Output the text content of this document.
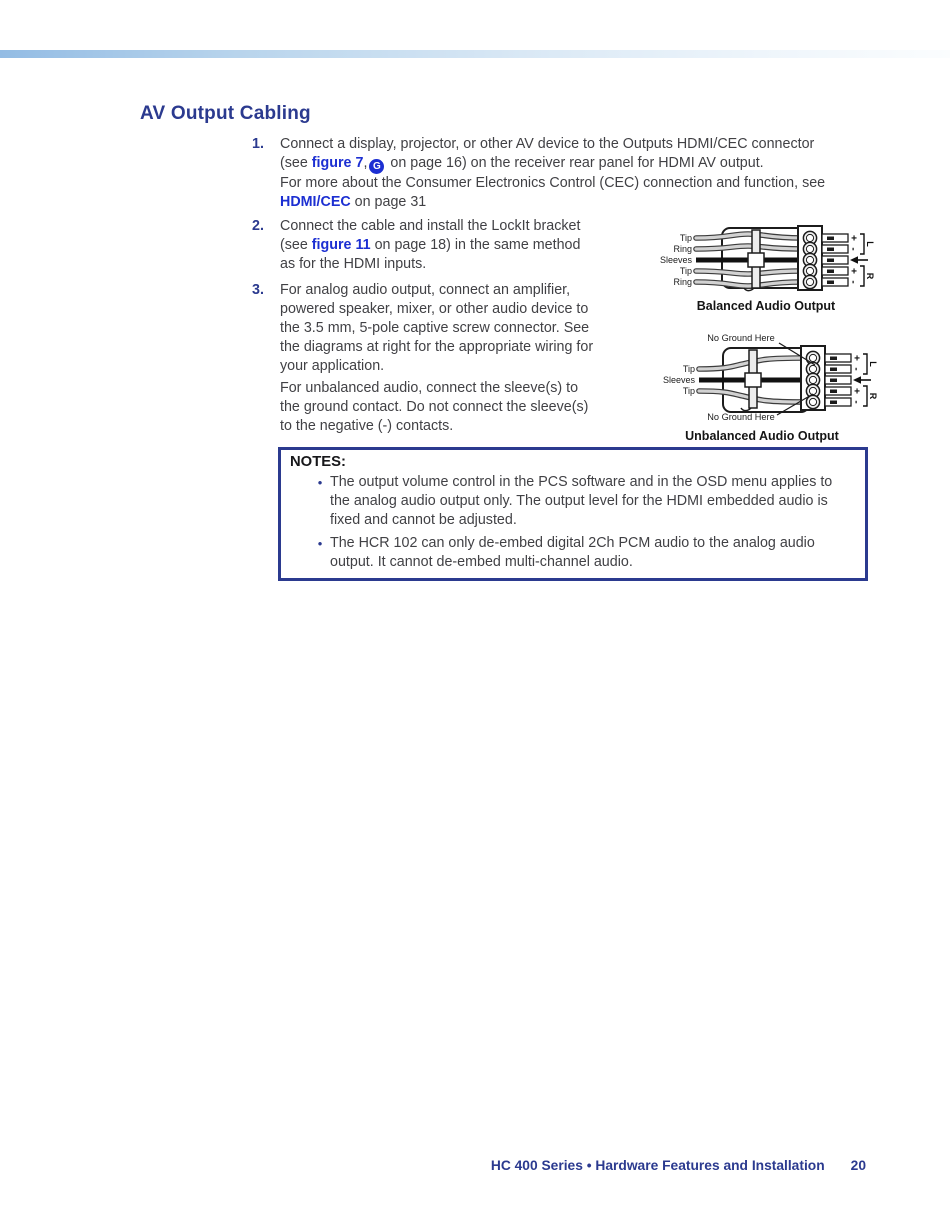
AV Output Cabling
1. Connect a display, projector, or other AV device to the Outputs HDMI/CEC connector
(see figure 7, G on page 16) on the receiver rear panel for HDMI AV output.
For more about the Consumer Electronics Control (CEC) connection and function, see
HDMI/CEC on page 31
2. Connect the cable and install the LockIt bracket
(see figure 11 on page 18) in the same method
as for the HDMI inputs.
3. For analog audio output, connect an amplifier,
powered speaker, mixer, or other audio device to
the 3.5 mm, 5-pole captive screw connector. See
the diagrams at right for the appropriate wiring for
your application.
For unbalanced audio, connect the sleeve(s) to
the ground contact. Do not connect the sleeve(s)
to the negative (-) contacts.
Tip
Ring
Sleeves
Tip
Ring
+
-
+
-
L
R
Balanced Audio Output
No Ground Here
No Ground Here
Tip
Sleeves
Tip
+
-
+
-
L
R
Unbalanced Audio Output
NOTES:
• The output volume control in the PCS software and in the OSD menu applies to
the analog audio output only. The output level for the HDMI embedded audio is
fixed and cannot be adjusted.
• The HCR 102 can only de-embed digital 2Ch PCM audio to the analog audio
output. It cannot de-embed multi-channel audio.
HC 400 Series • Hardware Features and Installation 20
